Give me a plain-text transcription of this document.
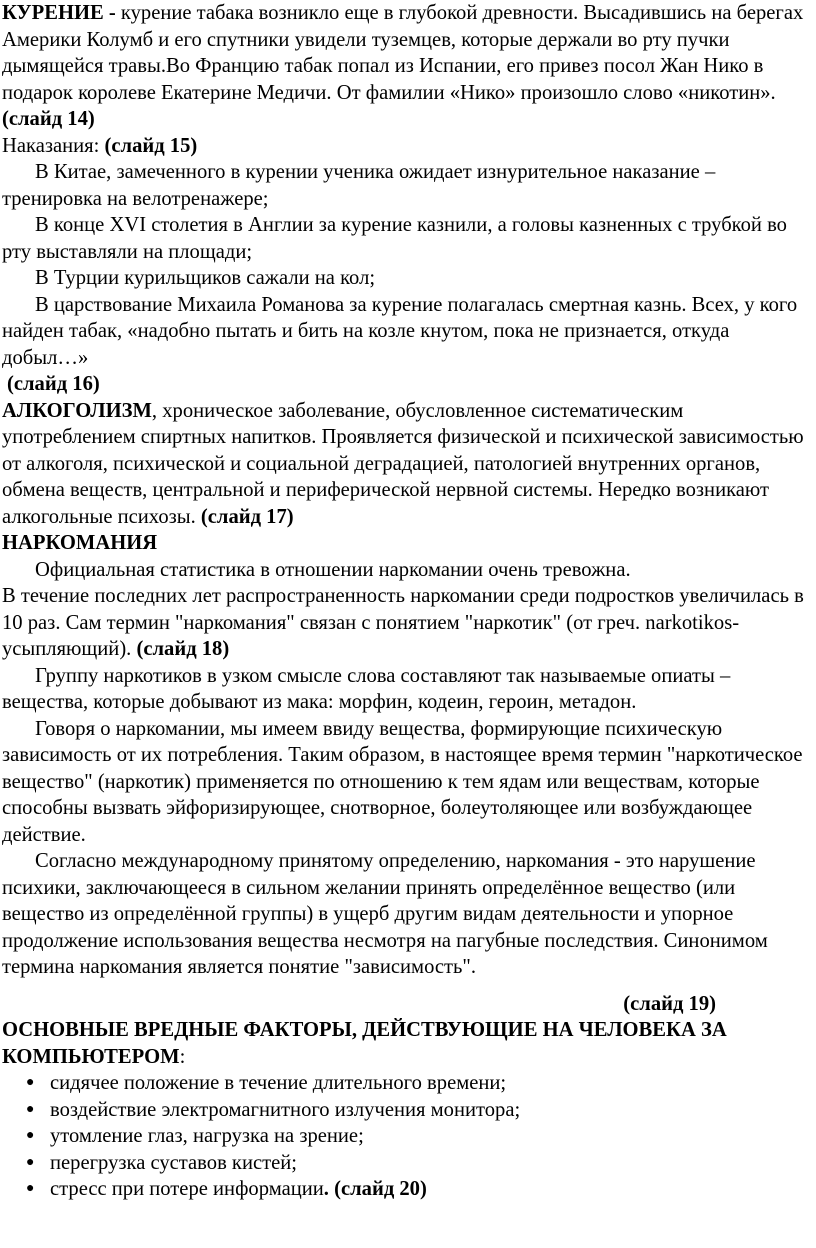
КУРЕНИЕ - курение табака возникло еще в глубокой древности. Высадившись на берегах Америки Колумб и его спутники увидели туземцев, которые держали во рту пучки дымящейся травы.Во Францию табак попал из Испании, его привез посол Жан Нико в подарок королеве Екатерине Медичи. От фамилии «Нико» произошло слово «никотин». (слайд 14)

Наказания: (слайд 15)

В Китае, замеченного в курении ученика ожидает изнурительное наказание – тренировка на велотренажере;

В конце XVI столетия в Англии за курение казнили, а головы казненных с трубкой во рту выставляли на площади;

В Турции курильщиков сажали на кол;

В царствование Михаила Романова за курение полагалась смертная казнь. Всех, у кого найден табак, «надобно пытать и бить на козле кнутом, пока не признается, откуда добыл…»

(слайд 16)

АЛКОГОЛИЗМ, хроническое заболевание, обусловленное систематическим употреблением спиртных напитков. Проявляется физической и психической зависимостью от алкоголя, психической и социальной деградацией, патологией внутренних органов, обмена веществ, центральной и периферической нервной системы. Нередко возникают алкогольные психозы. (слайд 17)

НАРКОМАНИЯ

Официальная статистика в отношении наркомании очень тревожна.

В течение последних лет распространенность наркомании среди подростков увеличилась в 10 раз. Сам термин "наркомания" связан с понятием "наркотик" (от греч. narkotikos-усыпляющий). (слайд 18)

Группу наркотиков в узком смысле слова составляют так называемые опиаты – вещества, которые добывают из мака: морфин, кодеин, героин, метадон.

Говоря о наркомании, мы имеем ввиду вещества, формирующие психическую зависимость от их потребления. Таким образом, в настоящее время термин "наркотическое вещество" (наркотик) применяется по отношению к тем ядам или веществам, которые способны вызвать эйфоризирующее, снотворное, болеутоляющее или возбуждающее действие.

Согласно международному принятому определению, наркомания - это нарушение психики, заключающееся в сильном желании принять определённое вещество (или вещество из определённой группы) в ущерб другим видам деятельности и упорное продолжение использования вещества несмотря на пагубные последствия. Синонимом термина наркомания является понятие "зависимость".

(слайд 19)

ОСНОВНЫЕ ВРЕДНЫЕ ФАКТОРЫ, ДЕЙСТВУЮЩИЕ НА ЧЕЛОВЕКА ЗА КОМПЬЮТЕРОМ:

● сидячее положение в течение длительного времени;
● воздействие электромагнитного излучения монитора;
● утомление глаз, нагрузка на зрение;
● перегрузка суставов кистей;
● стресс при потере информации. (слайд 20)
